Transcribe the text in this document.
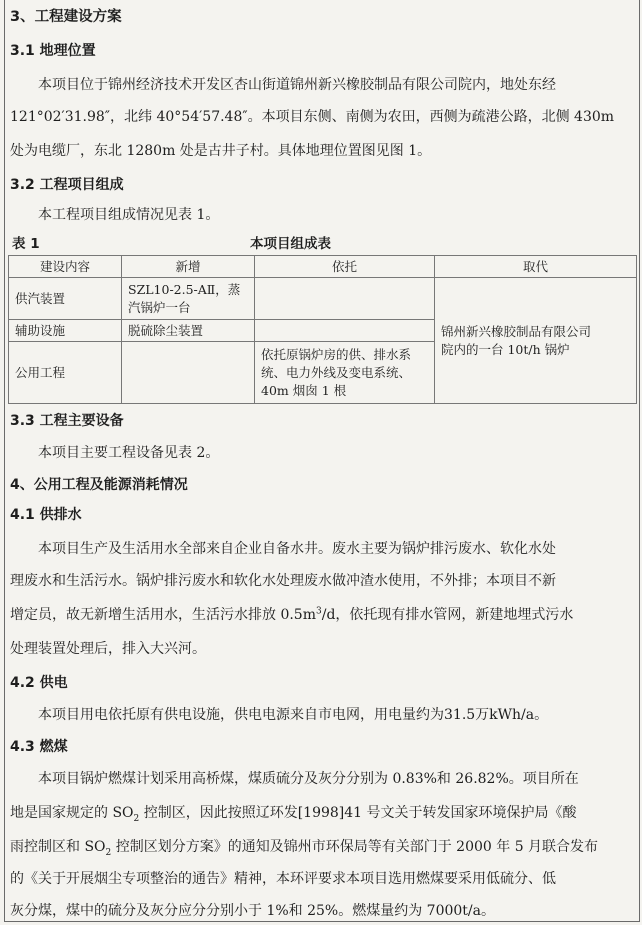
3、工程建设方案
3.1 地理位置
本项目位于锦州经济技术开发区杏山街道锦州新兴橡胶制品有限公司院内，地处东经
121°02′31.98″，北纬 40°54′57.48″。本项目东侧、南侧为农田，西侧为疏港公路，北侧 430m
处为电缆厂，东北 1280m 处是古井子村。具体地理位置图见图 1。
3.2 工程项目组成
本工程项目组成情况见表 1。
表 1	本项目组成表
建设内容	新增	依托	取代
供汽装置	SZL10-2.5-AⅡ，蒸
汽锅炉一台		锦州新兴橡胶制品有限公司
院内的一台 10t/h 锅炉
辅助设施	脱硫除尘装置		
公用工程		依托原锅炉房的供、排水系
统、电力外线及变电系统、
40m 烟囱 1 根	
3.3 工程主要设备
本项目主要工程设备见表 2。
4、公用工程及能源消耗情况
4.1 供排水
本项目生产及生活用水全部来自企业自备水井。废水主要为锅炉排污废水、软化水处
理废水和生活污水。锅炉排污废水和软化水处理废水做冲渣水使用，不外排；本项目不新
增定员，故无新增生活用水，生活污水排放 $0.5m^3/d$，依托现有排水管网，新建地埋式污水
处理装置处理后，排入大兴河。
4.2 供电
本项目用电依托原有供电设施，供电电源来自市电网，用电量约为31.5万kWh/a。
4.3 燃煤
本项目锅炉燃煤计划采用高桥煤，煤质硫分及灰分分别为 0.83%和 26.82%。项目所在
地是国家规定的 $SO_2$ 控制区，因此按照辽环发[1998]41 号文关于转发国家环境保护局《酸
雨控制区和 $SO_2$ 控制区划分方案》的通知及锦州市环保局等有关部门于 2000 年 5 月联合发布
的《关于开展烟尘专项整治的通告》精神，本环评要求本项目选用燃煤要采用低硫分、低
灰分煤，煤中的硫分及灰分应分分别小于 1%和 25%。燃煤量约为 7000t/a。
